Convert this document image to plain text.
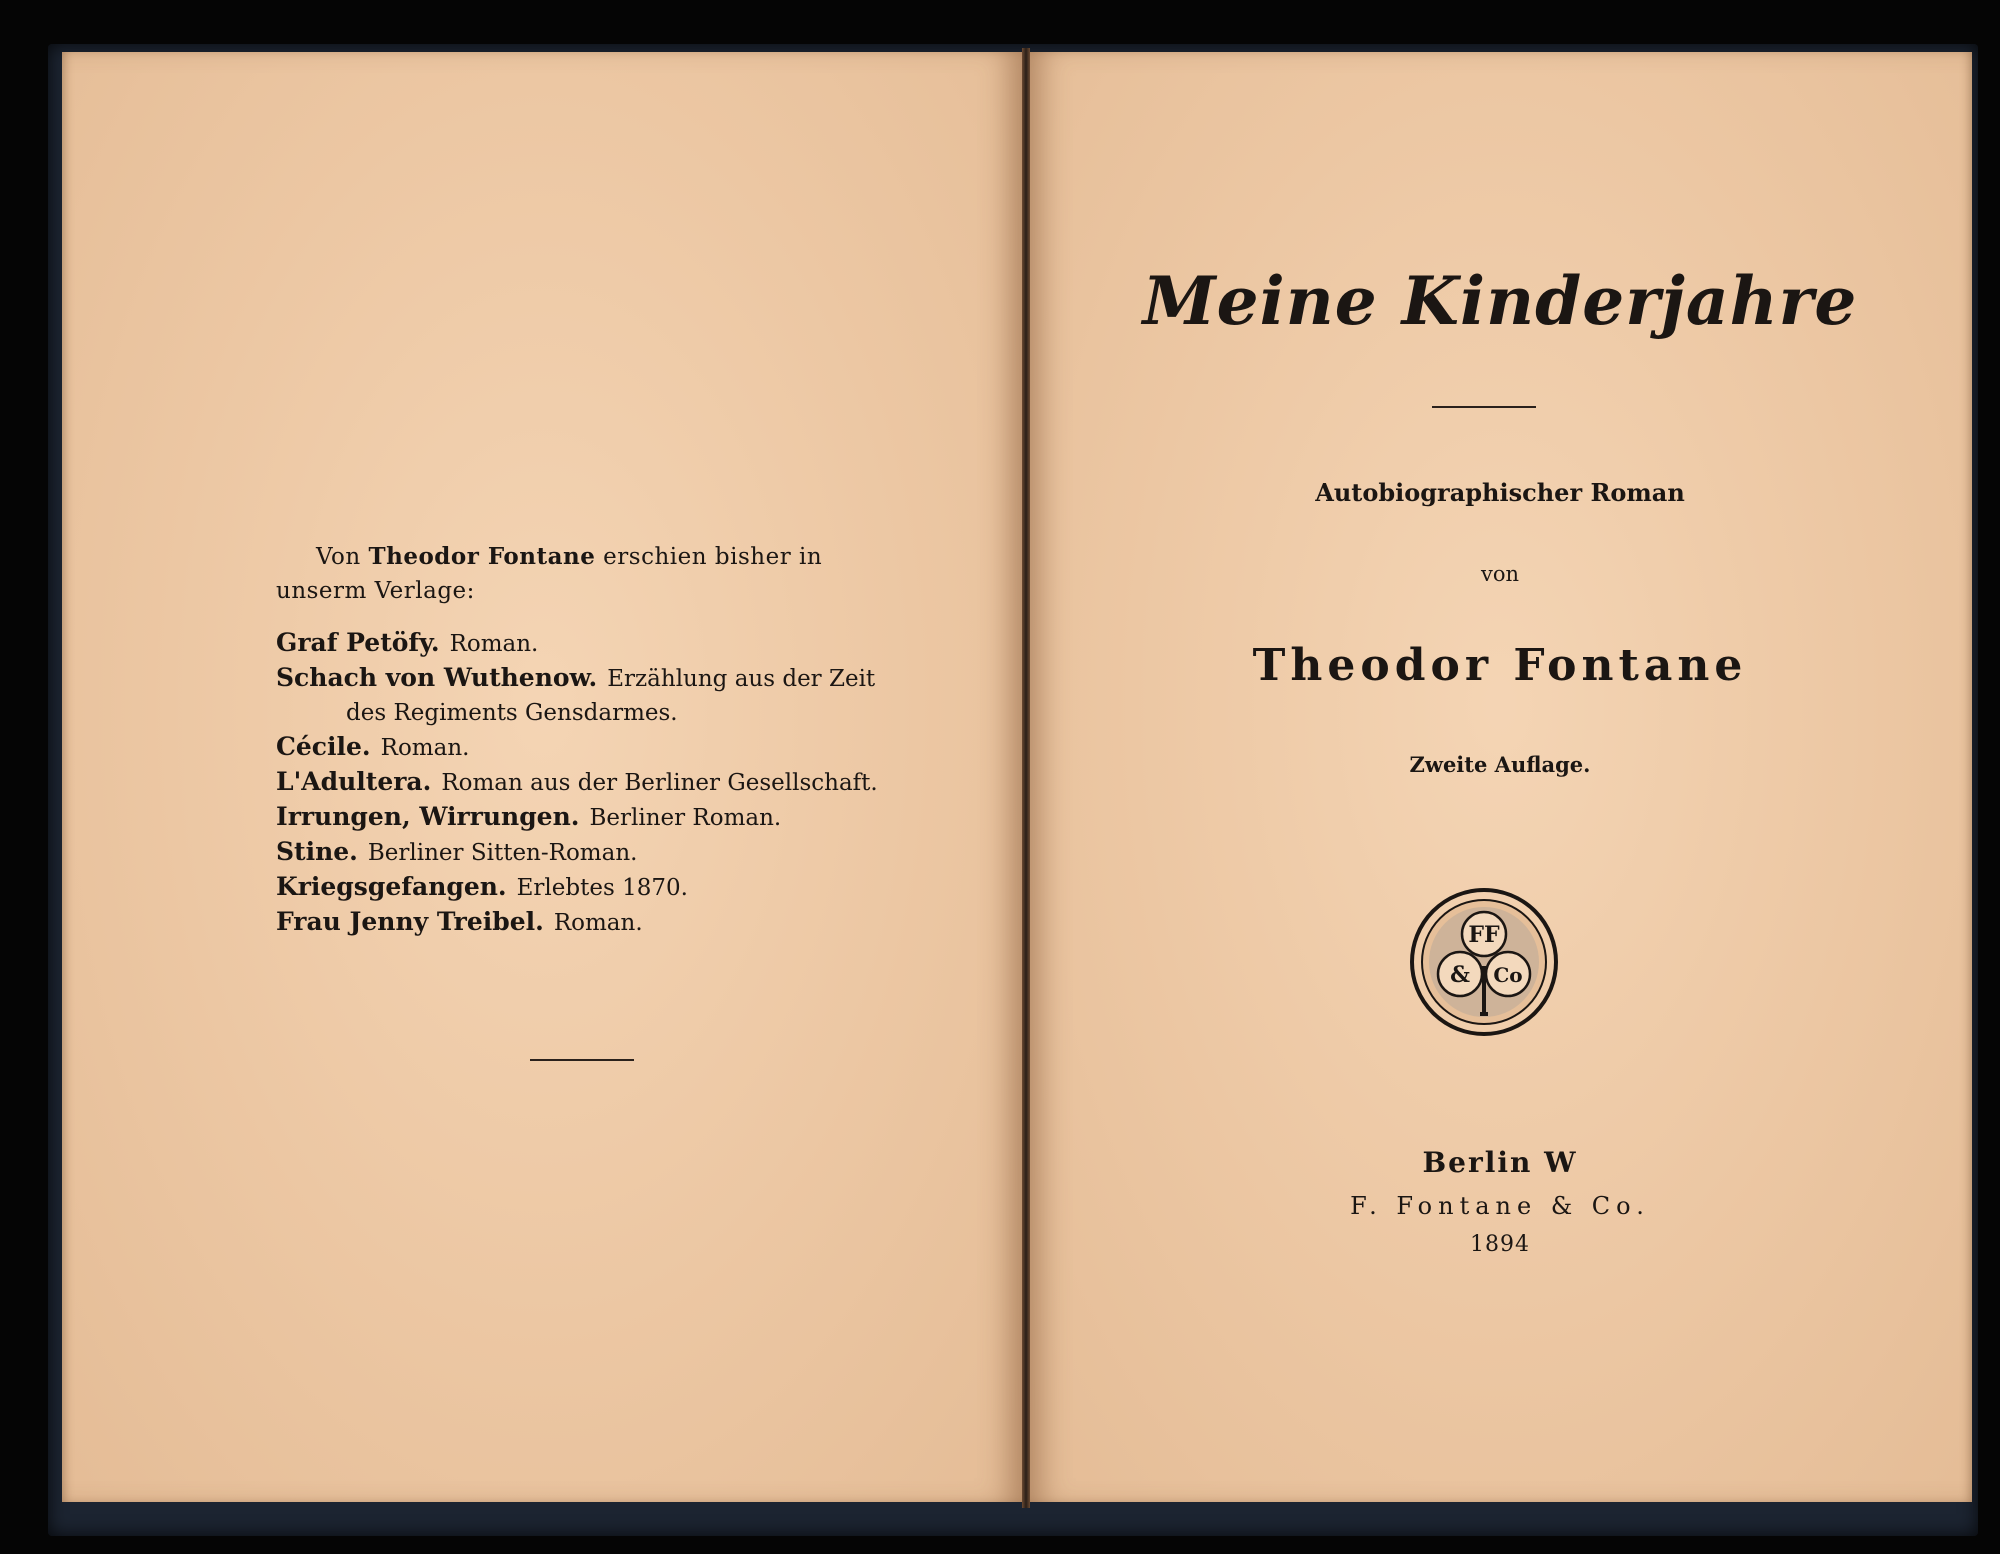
Von Theodor Fontane erschien bisher in unserm Verlage:

Graf Petöfy. Roman.

Schach von Wuthenow. Erzählung aus der Zeit
des Regiments Gensdarmes.

Cécile. Roman.

L'Adultera. Roman aus der Berliner Gesellschaft.

Irrungen, Wirrungen. Berliner Roman.

Stine. Berliner Sitten-Roman.

Kriegsgefangen. Erlebtes 1870.

Frau Jenny Treibel. Roman.

Meine Kinderjahre
Autobiographischer Roman
von
Theodor Fontane
Zweite Auflage.
FF
& Co
Berlin W
F. Fontane & Co.
1894
